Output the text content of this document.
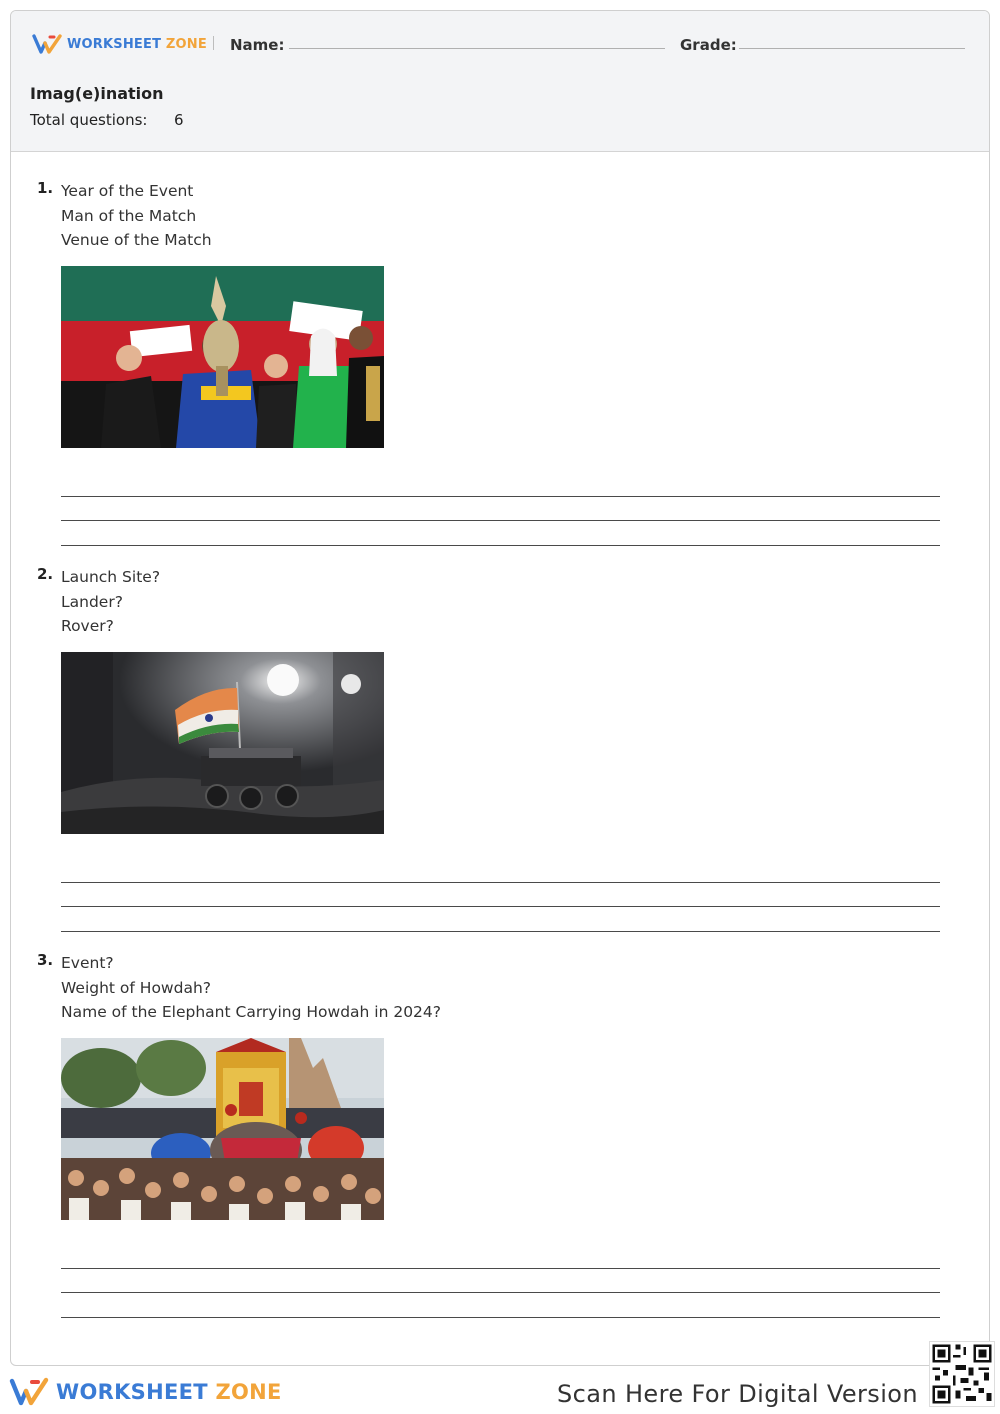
WORKSHEET ZONE Name:	Grade:
Imag(e)ination
Total questions: 6
1. Year of the Event
Man of the Match
Venue of the Match
2. Launch Site?
Lander?
Rover?
3. Event?
Weight of Howdah?
Name of the Elephant Carrying Howdah in 2024?
WORKSHEET ZONE	Scan Here For Digital Version
